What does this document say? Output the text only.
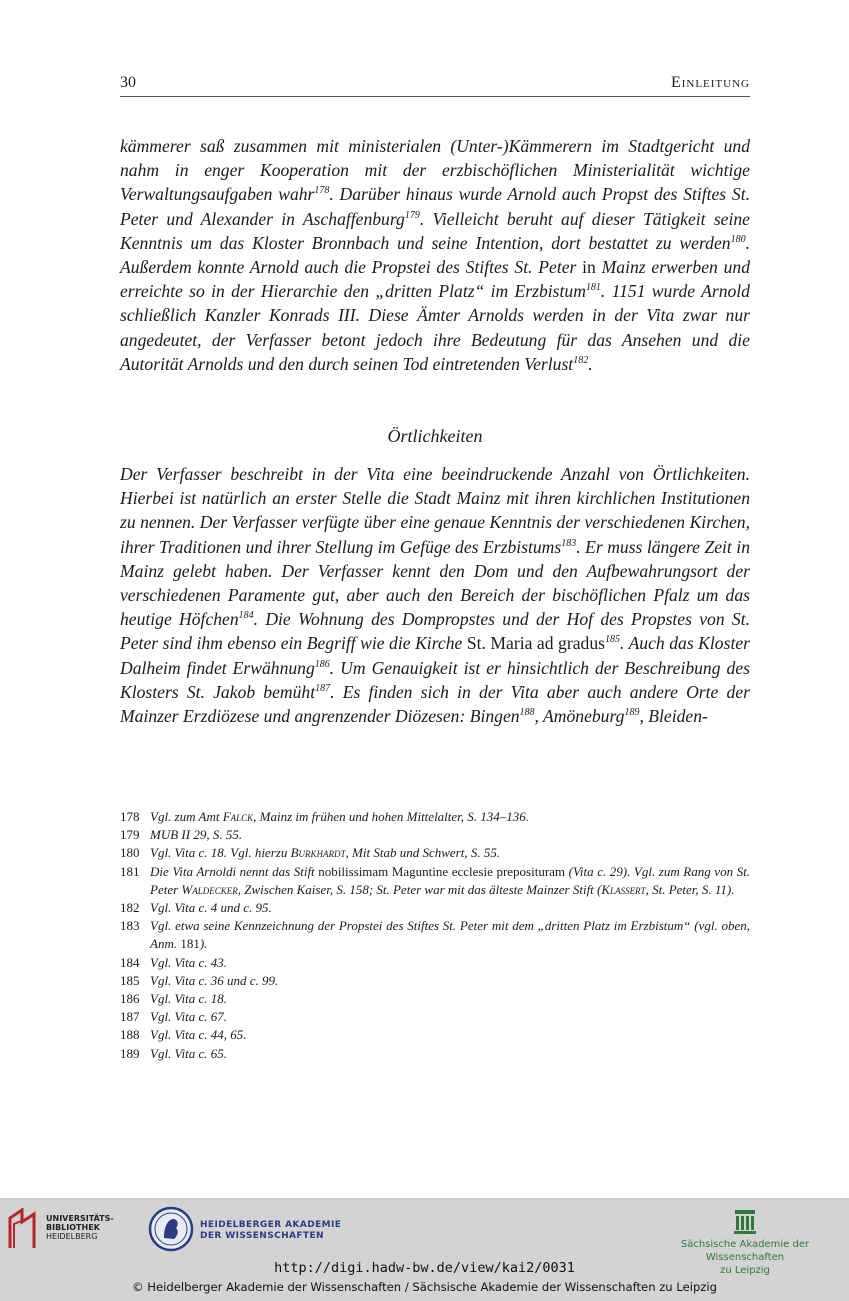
30	Einleitung

kämmerer saß zusammen mit ministerialen (Unter-)Kämmerern im Stadtgericht und nahm in enger Kooperation mit der erzbischöflichen Ministerialität wichtige Verwaltungsaufgaben wahr$^{178}$. Darüber hinaus wurde Arnold auch Propst des Stiftes St. Peter und Alexander in Aschaffenburg$^{179}$. Vielleicht beruht auf dieser Tätigkeit seine Kenntnis um das Kloster Bronnbach und seine Intention, dort bestattet zu werden$^{180}$. Außerdem konnte Arnold auch die Propstei des Stiftes St. Peter in Mainz erwerben und erreichte so in der Hierarchie den „dritten Platz“ im Erzbistum$^{181}$. 1151 wurde Arnold schließlich Kanzler Konrads III. Diese Ämter Arnolds werden in der Vita zwar nur angedeutet, der Verfasser betont jedoch ihre Bedeutung für das Ansehen und die Autorität Arnolds und den durch seinen Tod eintretenden Verlust$^{182}$.

Örtlichkeiten

Der Verfasser beschreibt in der Vita eine beeindruckende Anzahl von Örtlichkeiten. Hierbei ist natürlich an erster Stelle die Stadt Mainz mit ihren kirchlichen Institutionen zu nennen. Der Verfasser verfügte über eine genaue Kenntnis der verschiedenen Kirchen, ihrer Traditionen und ihrer Stellung im Gefüge des Erzbistums$^{183}$. Er muss längere Zeit in Mainz gelebt haben. Der Verfasser kennt den Dom und den Aufbewahrungsort der verschiedenen Paramente gut, aber auch den Bereich der bischöflichen Pfalz um das heutige Höfchen$^{184}$. Die Wohnung des Dompropstes und der Hof des Propstes von St. Peter sind ihm ebenso ein Begriff wie die Kirche St. Maria ad gradus$^{185}$. Auch das Kloster Dalheim findet Erwähnung$^{186}$. Um Genauigkeit ist er hinsichtlich der Beschreibung des Klosters St. Jakob bemüht$^{187}$. Es finden sich in der Vita aber auch andere Orte der Mainzer Erzdiözese und angrenzender Diözesen: Bingen$^{188}$, Amöneburg$^{189}$, Bleiden-

178 Vgl. zum Amt Falck, Mainz im frühen und hohen Mittelalter, S. 134–136.
179 MUB II 29, S. 55.
180 Vgl. Vita c. 18. Vgl. hierzu Burkhardt, Mit Stab und Schwert, S. 55.
181 Die Vita Arnoldi nennt das Stift nobilissimam Maguntine ecclesie preposituram (Vita c. 29). Vgl. zum Rang von St. Peter Waldecker, Zwischen Kaiser, S. 158; St. Peter war mit das älteste Mainzer Stift (Klassert, St. Peter, S. 11).
182 Vgl. Vita c. 4 und c. 95.
183 Vgl. etwa seine Kennzeichnung der Propstei des Stiftes St. Peter mit dem „dritten Platz im Erzbistum“ (vgl. oben, Anm. 181).
184 Vgl. Vita c. 43.
185 Vgl. Vita c. 36 und c. 99.
186 Vgl. Vita c. 18.
187 Vgl. Vita c. 67.
188 Vgl. Vita c. 44, 65.
189 Vgl. Vita c. 65.
UNIVERSITÄTS-
BIBLIOTHEK
HEIDELBERG
HEIDELBERGER AKADEMIE
DER WISSENSCHAFTEN
Sächsische Akademie der Wissenschaften
zu Leipzig
http://digi.hadw-bw.de/view/kai2/0031
© Heidelberger Akademie der Wissenschaften / Sächsische Akademie der Wissenschaften zu Leipzig
